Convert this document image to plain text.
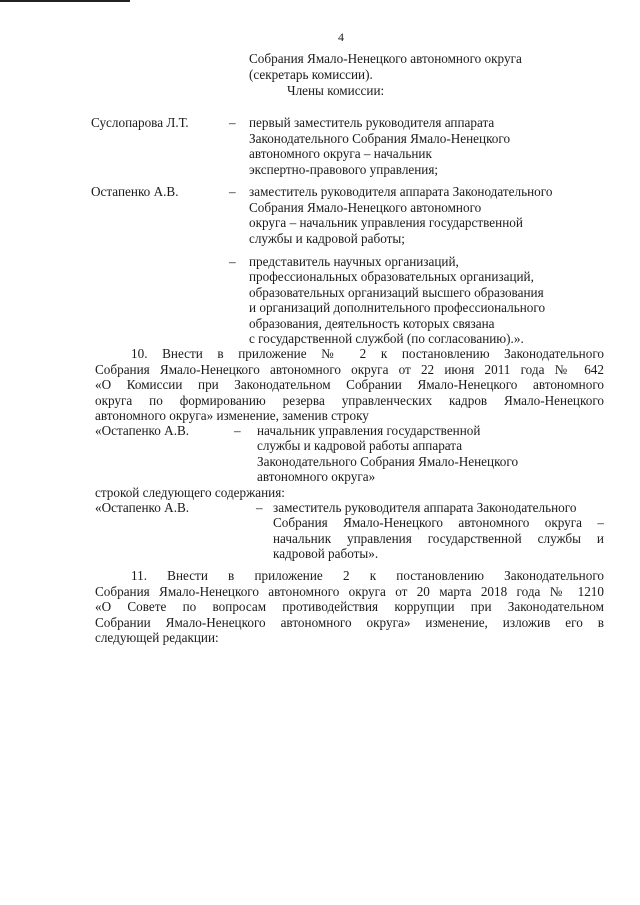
4
Собрания Ямало-Ненецкого автономного округа
(секретарь комиссии).
Члены комиссии:
Суслопарова Л.Т.	– первый заместитель руководителя аппарата
Законодательного Собрания Ямало-Ненецкого
автономного округа – начальник
экспертно-правового управления;
Остапенко А.В.	– заместитель руководителя аппарата Законодательного
Собрания Ямало-Ненецкого автономного
округа – начальник управления государственной
службы и кадровой работы;
– представитель научных организаций,
профессиональных образовательных организаций,
образовательных организаций высшего образования
и организаций дополнительного профессионального
образования, деятельность которых связана
с государственной службой (по согласованию).».
10. Внести в приложение № 2 к постановлению Законодательного
Собрания Ямало-Ненецкого автономного округа от 22 июня 2011 года № 642
«О Комиссии при Законодательном Собрании Ямало-Ненецкого автономного
округа по формированию резерва управленческих кадров Ямало-Ненецкого
автономного округа» изменение, заменив строку
«Остапенко А.В.	– начальник управления государственной
службы и кадровой работы аппарата
Законодательного Собрания Ямало-Ненецкого
автономного округа»
строкой следующего содержания:
«Остапенко А.В.	– заместитель руководителя аппарата Законодательного
Собрания Ямало-Ненецкого автономного округа –
начальник управления государственной службы и
кадровой работы».
11. Внести в приложение 2 к постановлению Законодательного
Собрания Ямало-Ненецкого автономного округа от 20 марта 2018 года № 1210
«О Совете по вопросам противодействия коррупции при Законодательном
Собрании Ямало-Ненецкого автономного округа» изменение, изложив его в
следующей редакции:
